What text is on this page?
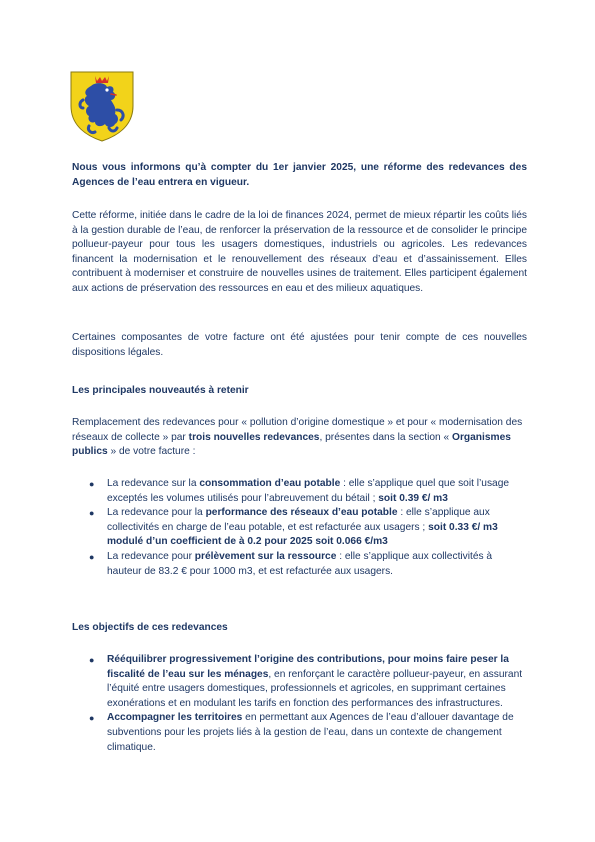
Nous vous informons qu’à compter du 1er janvier 2025, une réforme des redevances des Agences de l’eau entrera en vigueur.
Cette réforme, initiée dans le cadre de la loi de finances 2024, permet de mieux répartir les coûts liés à la gestion durable de l’eau, de renforcer la préservation de la ressource et de consolider le principe pollueur-payeur pour tous les usagers domestiques, industriels ou agricoles. Les redevances financent la modernisation et le renouvellement des réseaux d’eau et d’assainissement. Elles contribuent à moderniser et construire de nouvelles usines de traitement. Elles participent également aux actions de préservation des ressources en eau et des milieux aquatiques.
Certaines composantes de votre facture ont été ajustées pour tenir compte de ces nouvelles dispositions légales.
Les principales nouveautés à retenir
Remplacement des redevances pour « pollution d’origine domestique » et pour « modernisation des réseaux de collecte » par trois nouvelles redevances, présentes dans la section « Organismes publics » de votre facture :
● La redevance sur la consommation d’eau potable : elle s’applique quel que soit l’usage exceptés les volumes utilisés pour l’abreuvement du bétail ; soit 0.39 €/ m3
● La redevance pour la performance des réseaux d’eau potable : elle s’applique aux collectivités en charge de l’eau potable, et est refacturée aux usagers ; soit 0.33 €/ m3 modulé d’un coefficient de à 0.2 pour 2025 soit 0.066 €/m3
● La redevance pour prélèvement sur la ressource : elle s’applique aux collectivités à hauteur de 83.2 € pour 1000 m3, et est refacturée aux usagers.
Les objectifs de ces redevances
● Rééquilibrer progressivement l’origine des contributions, pour moins faire peser la fiscalité de l’eau sur les ménages, en renforçant le caractère pollueur-payeur, en assurant l’équité entre usagers domestiques, professionnels et agricoles, en supprimant certaines exonérations et en modulant les tarifs en fonction des performances des infrastructures.
● Accompagner les territoires en permettant aux Agences de l’eau d’allouer davantage de subventions pour les projets liés à la gestion de l’eau, dans un contexte de changement climatique.
